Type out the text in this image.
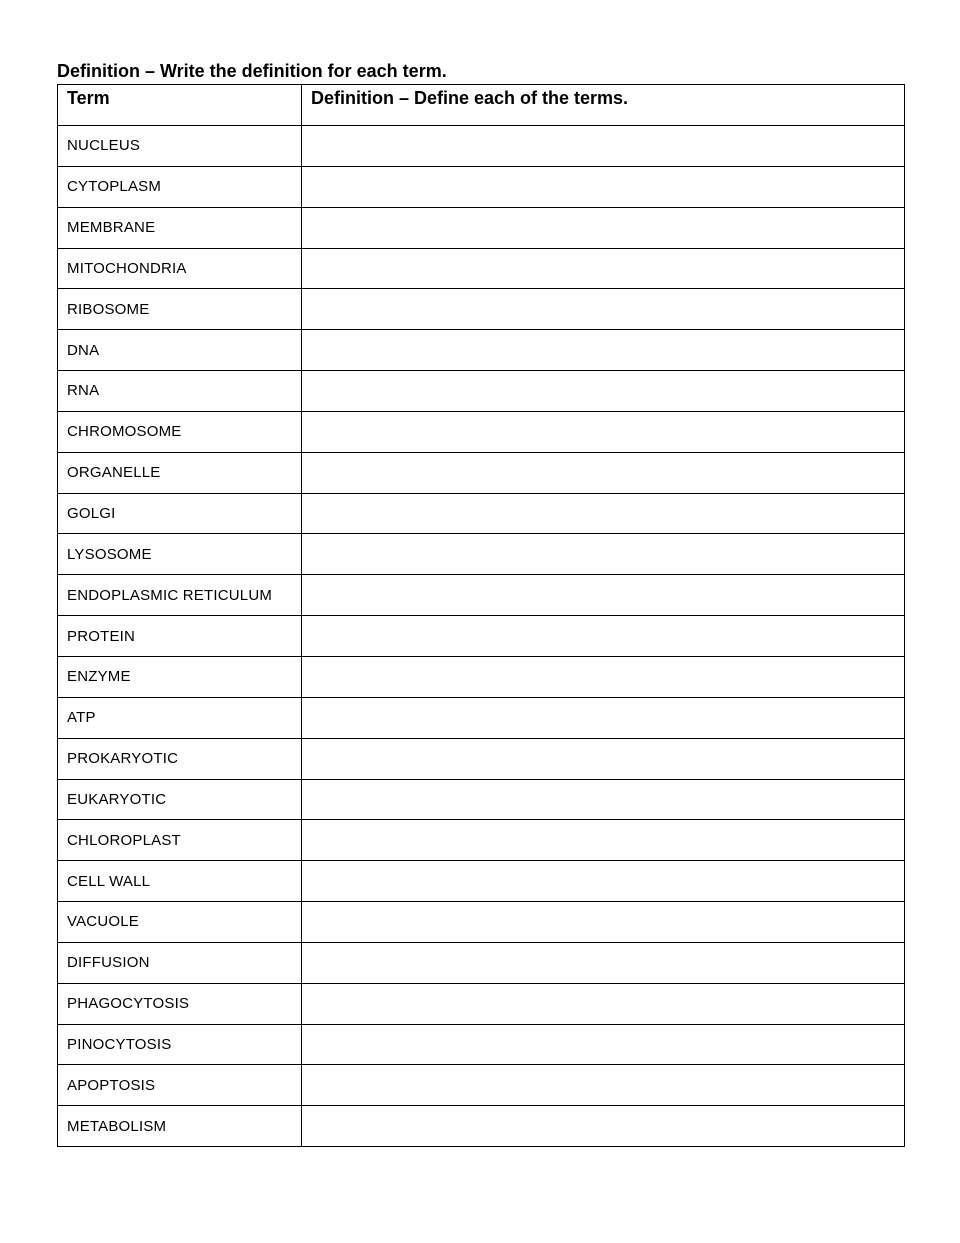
Definition – Write the definition for each term.
Term	Definition – Define each of the terms.
NUCLEUS	
CYTOPLASM	
MEMBRANE	
MITOCHONDRIA	
RIBOSOME	
DNA	
RNA	
CHROMOSOME	
ORGANELLE	
GOLGI	
LYSOSOME	
ENDOPLASMIC RETICULUM	
PROTEIN	
ENZYME	
ATP	
PROKARYOTIC	
EUKARYOTIC	
CHLOROPLAST	
CELL WALL	
VACUOLE	
DIFFUSION	
PHAGOCYTOSIS	
PINOCYTOSIS	
APOPTOSIS	
METABOLISM	
